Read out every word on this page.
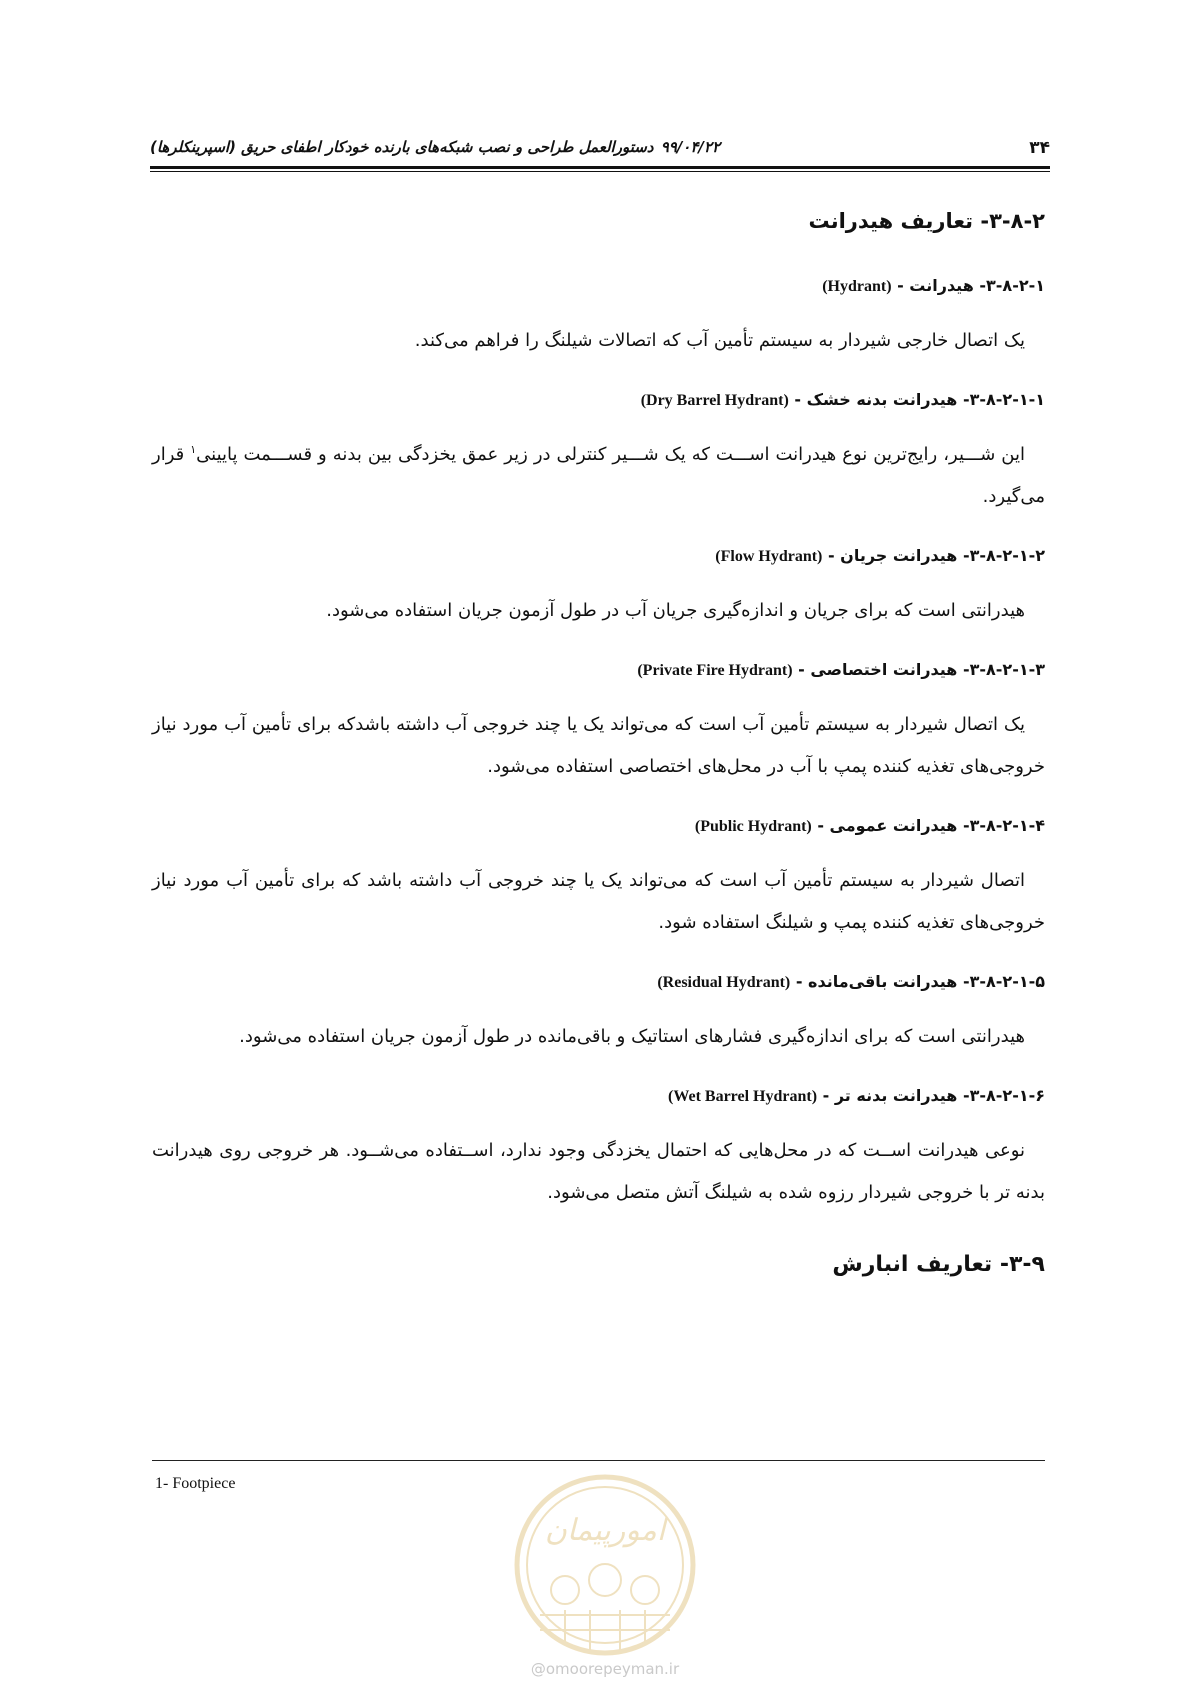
۳۴
۹۹/۰۴/۲۲
دستورالعمل طراحی و نصب شبکه‌های بارنده خودکار اطفای حریق (اسپرینکلرها)
۳-۸-۲- تعاریف هیدرانت
۳-۸-۲-۱- هیدرانت - (Hydrant)

یک اتصال خارجی شیردار به سیستم تأمین آب که اتصالات شیلنگ را فراهم می‌کند.

۳-۸-۲-۱-۱- هیدرانت بدنه خشک - (Dry Barrel Hydrant)

این شـــیر، رایج‌ترین نوع هیدرانت اســـت که یک شـــیر کنترلی در زیر عمق یخزدگی بین بدنه و قســـمت پایینی$^۱$ قرار می‌گیرد.

۳-۸-۲-۱-۲- هیدرانت جریان - (Flow Hydrant)

هیدرانتی است که برای جریان و اندازه‌گیری جریان آب در طول آزمون جریان استفاده می‌شود.

۳-۸-۲-۱-۳- هیدرانت اختصاصی - (Private Fire Hydrant)

یک اتصال شیردار به سیستم تأمین آب است که می‌تواند یک یا چند خروجی آب داشته باشدکه برای تأمین آب مورد نیاز خروجی‌های تغذیه کننده پمپ با آب در محل‌های اختصاصی استفاده می‌شود.

۳-۸-۲-۱-۴- هیدرانت عمومی - (Public Hydrant)

اتصال شیردار به سیستم تأمین آب است که می‌تواند یک یا چند خروجی آب داشته باشد که برای تأمین آب مورد نیاز خروجی‌های تغذیه کننده پمپ و شیلنگ استفاده شود.

۳-۸-۲-۱-۵- هیدرانت باقی‌مانده - (Residual Hydrant)

هیدرانتی است که برای اندازه‌گیری فشارهای استاتیک و باقی‌مانده در طول آزمون جریان استفاده می‌شود.

۳-۸-۲-۱-۶- هیدرانت بدنه تر - (Wet Barrel Hydrant)

نوعی هیدرانت اســت که در محل‌هایی که احتمال یخزدگی وجود ندارد، اســتفاده می‌شــود. هر خروجی روی هیدرانت بدنه تر با خروجی شیردار رزوه شده به شیلنگ آتش متصل می‌شود.

۳-۹- تعاریف انبارش
1- Footpiece
امورپیمان
@omoorepeyman.ir
